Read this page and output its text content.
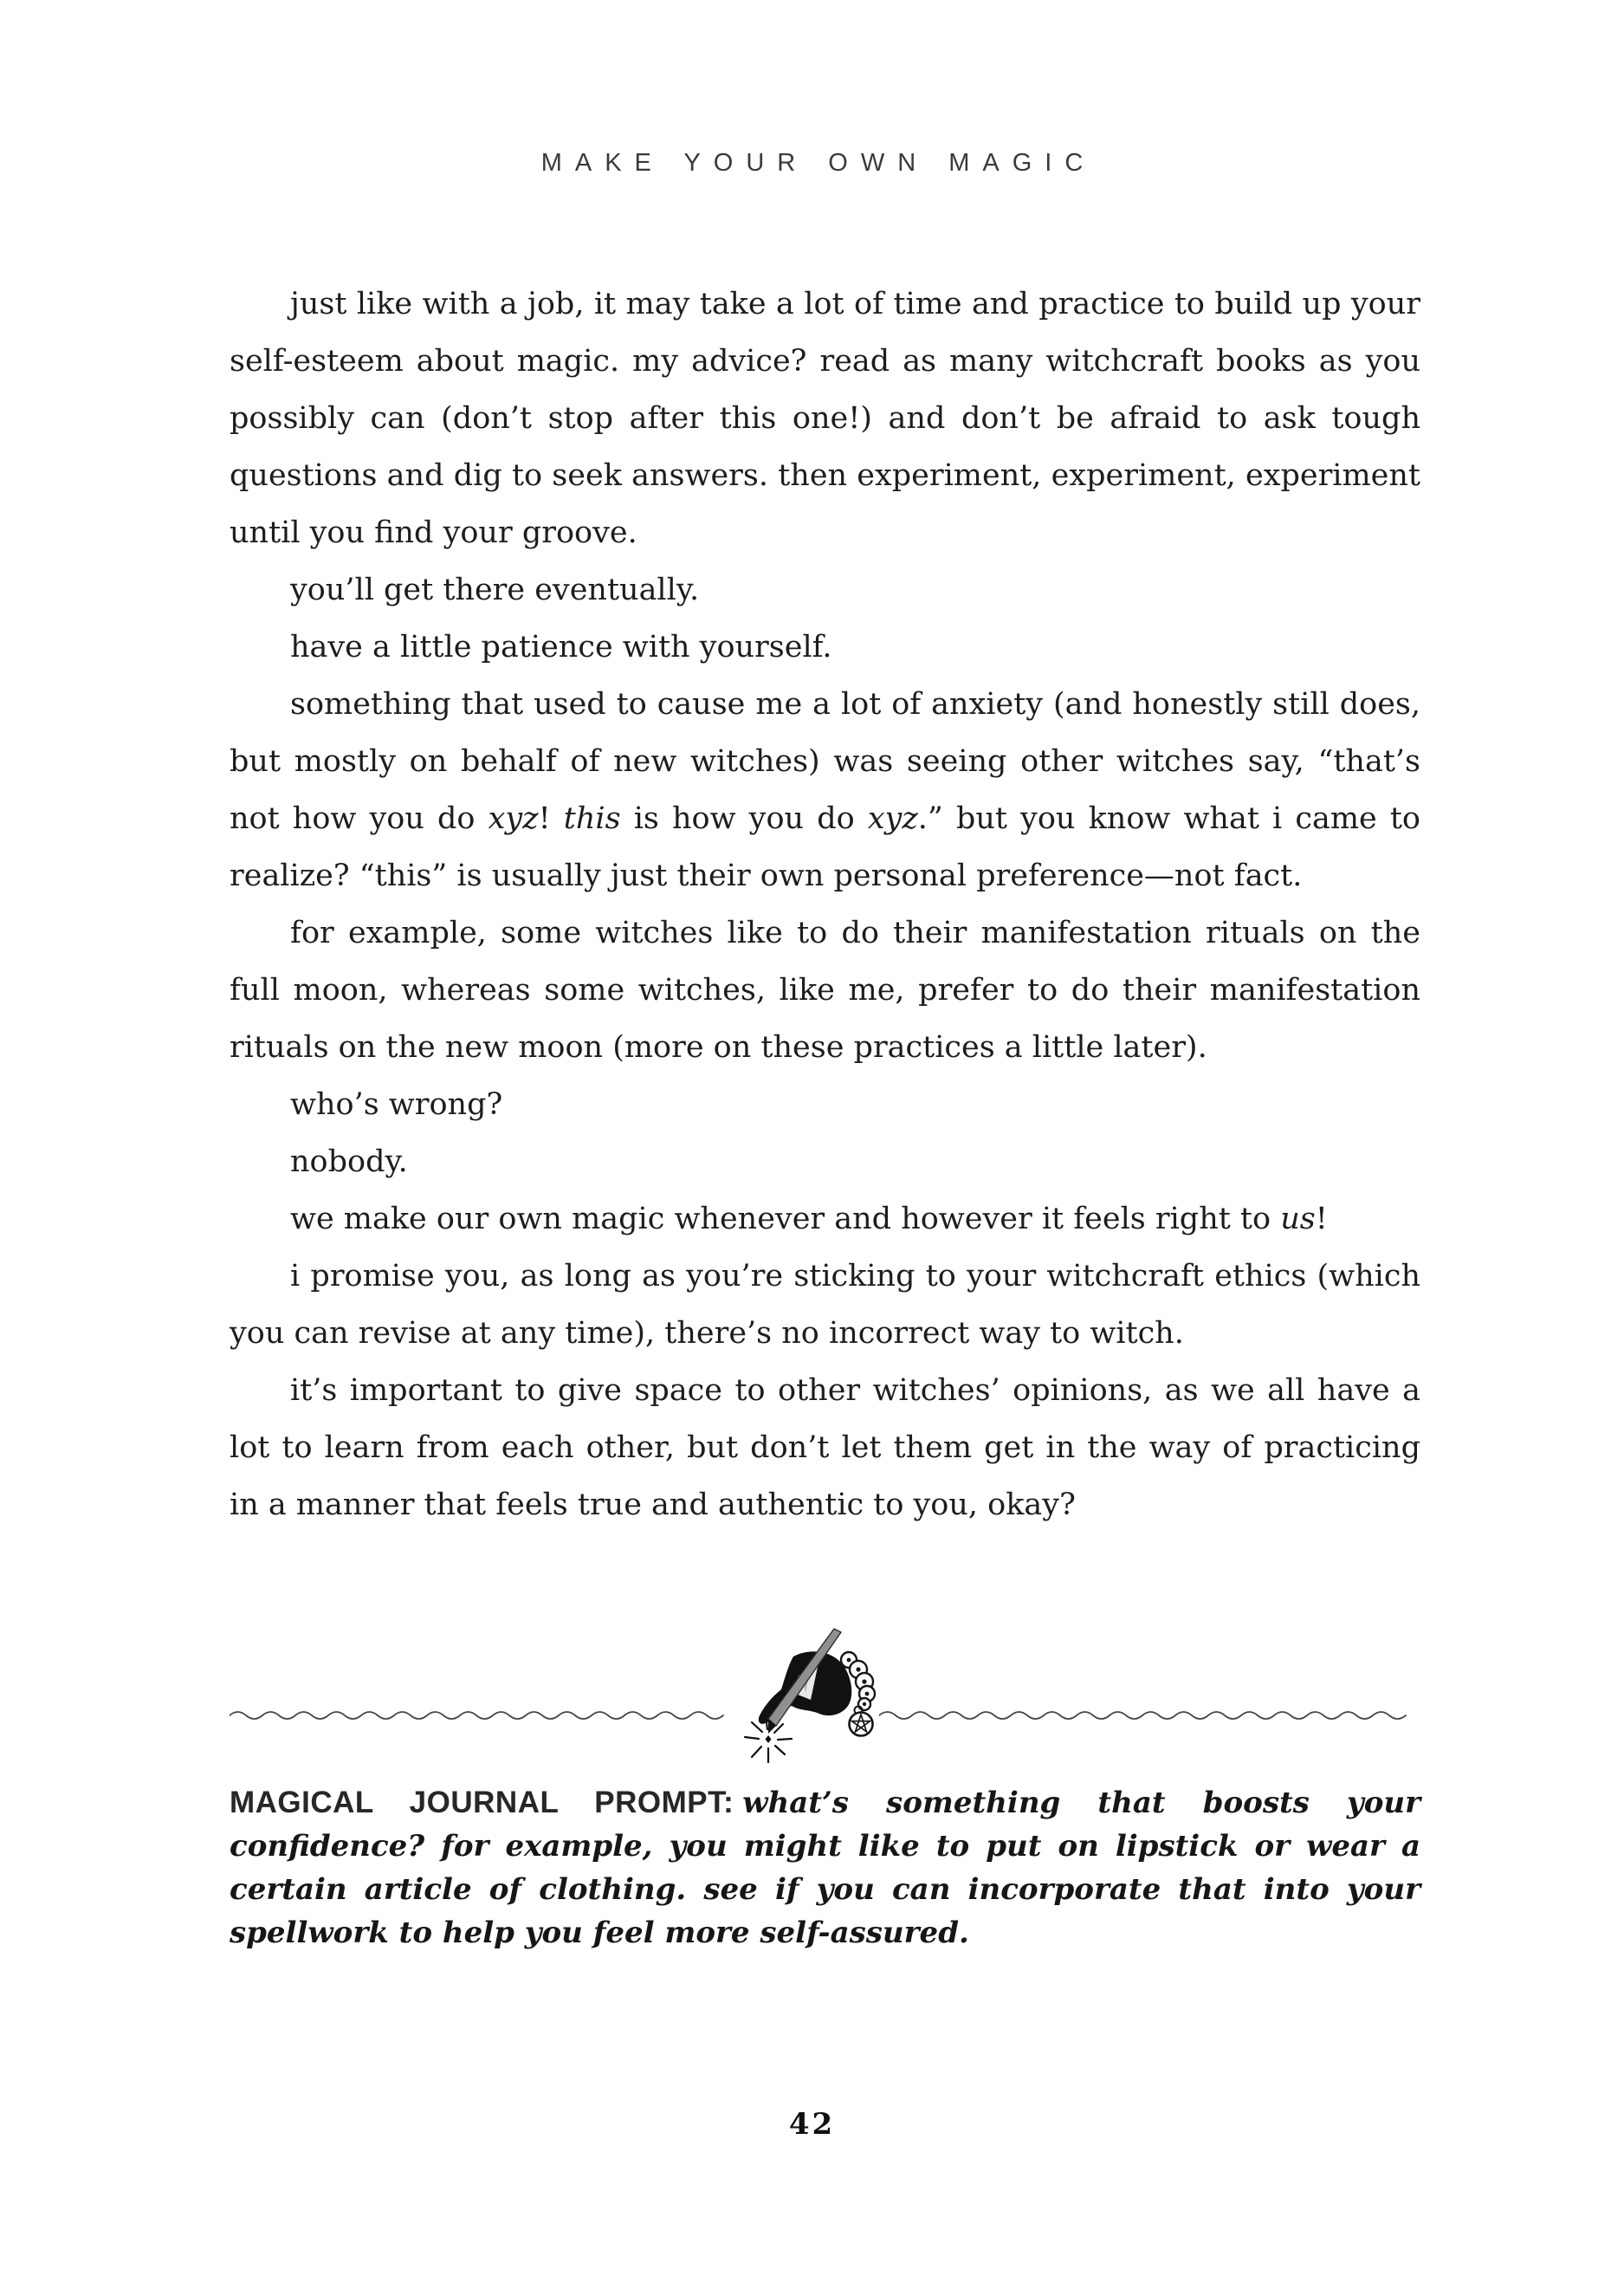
MAKE YOUR OWN MAGIC

just like with a job, it may take a lot of time and practice to build up your self-esteem about magic. my advice? read as many witchcraft books as you possibly can (don’t stop after this one!) and don’t be afraid to ask tough questions and dig to seek answers. then experiment, experiment, experiment until you find your groove.

you’ll get there eventually.

have a little patience with yourself.

something that used to cause me a lot of anxiety (and honestly still does, but mostly on behalf of new witches) was seeing other witches say, “that’s not how you do xyz! this is how you do xyz.” but you know what i came to realize? “this” is usually just their own personal preference—not fact.

for example, some witches like to do their manifestation rituals on the full moon, whereas some witches, like me, prefer to do their manifestation rituals on the new moon (more on these practices a little later).

who’s wrong?

nobody.

we make our own magic whenever and however it feels right to us!

i promise you, as long as you’re sticking to your witchcraft ethics (which you can revise at any time), there’s no incorrect way to witch.

it’s important to give space to other witches’ opinions, as we all have a lot to learn from each other, but don’t let them get in the way of practicing in a manner that feels true and authentic to you, okay?

MAGICAL JOURNAL PROMPT: what’s something that boosts your confidence? for example, you might like to put on lipstick or wear a certain article of clothing. see if you can incorporate that into your spellwork to help you feel more self-assured.
42
